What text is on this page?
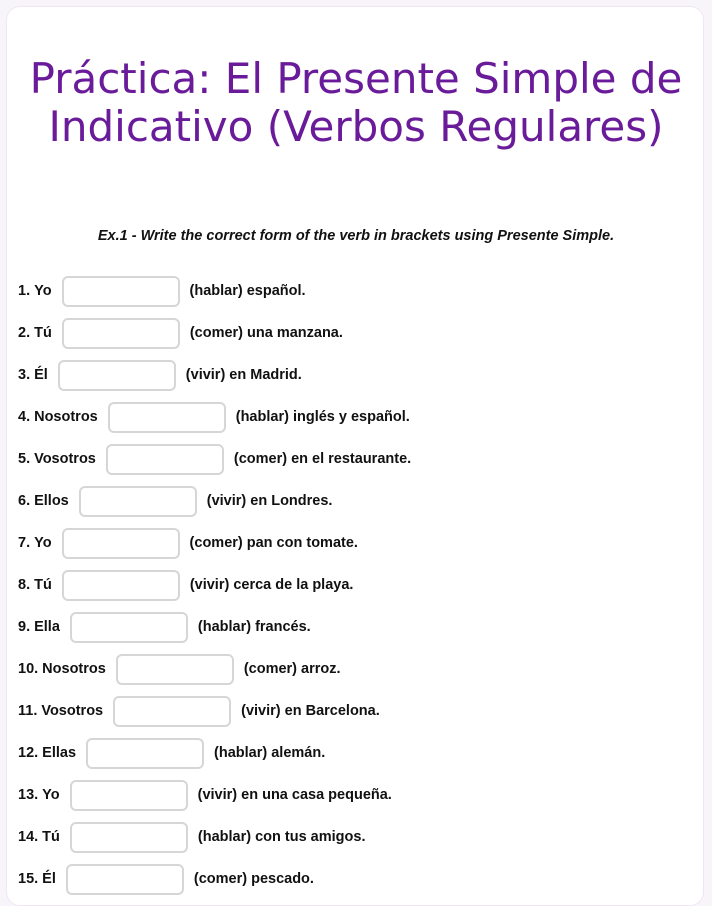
Práctica: El Presente Simple de Indicativo (Verbos Regulares)

Ex.1 - Write the correct form of the verb in brackets using Presente Simple.

1. Yo	(hablar) español.
2. Tú	(comer) una manzana.
3. Él	(vivir) en Madrid.
4. Nosotros	(hablar) inglés y español.
5. Vosotros	(comer) en el restaurante.
6. Ellos	(vivir) en Londres.
7. Yo	(comer) pan con tomate.
8. Tú	(vivir) cerca de la playa.
9. Ella	(hablar) francés.
10. Nosotros	(comer) arroz.
11. Vosotros	(vivir) en Barcelona.
12. Ellas	(hablar) alemán.
13. Yo	(vivir) en una casa pequeña.
14. Tú	(hablar) con tus amigos.
15. Él	(comer) pescado.
